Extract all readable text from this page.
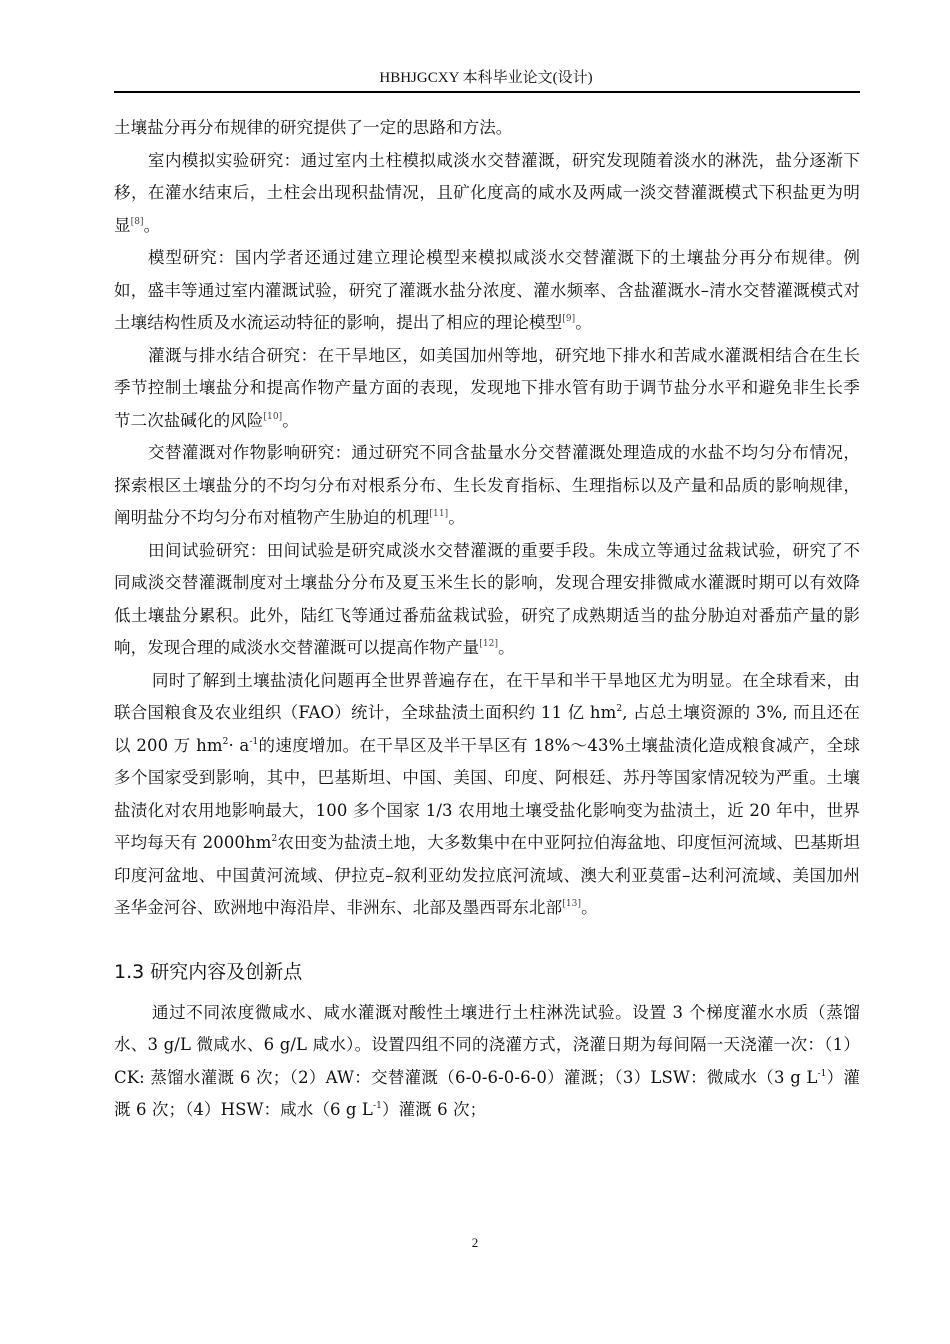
HBHJGCXY 本科毕业论文(设计)

土壤盐分再分布规律的研究提供了一定的思路和方法。

室内模拟实验研究：通过室内土柱模拟咸淡水交替灌溉，研究发现随着淡水的淋洗，盐分逐渐下移，在灌水结束后，土柱会出现积盐情况，且矿化度高的咸水及两咸一淡交替灌溉模式下积盐更为明显[8]。

模型研究：国内学者还通过建立理论模型来模拟咸淡水交替灌溉下的土壤盐分再分布规律。例如，盛丰等通过室内灌溉试验，研究了灌溉水盐分浓度、灌水频率、含盐灌溉水–清水交替灌溉模式对土壤结构性质及水流运动特征的影响，提出了相应的理论模型[9]。

灌溉与排水结合研究：在干旱地区，如美国加州等地，研究地下排水和苦咸水灌溉相结合在生长季节控制土壤盐分和提高作物产量方面的表现，发现地下排水管有助于调节盐分水平和避免非生长季节二次盐碱化的风险[10]。

交替灌溉对作物影响研究：通过研究不同含盐量水分交替灌溉处理造成的水盐不均匀分布情况，探索根区土壤盐分的不均匀分布对根系分布、生长发育指标、生理指标以及产量和品质的影响规律，阐明盐分不均匀分布对植物产生胁迫的机理[11]。

田间试验研究：田间试验是研究咸淡水交替灌溉的重要手段。朱成立等通过盆栽试验，研究了不同咸淡交替灌溉制度对土壤盐分分布及夏玉米生长的影响，发现合理安排微咸水灌溉时期可以有效降低土壤盐分累积。此外，陆红飞等通过番茄盆栽试验，研究了成熟期适当的盐分胁迫对番茄产量的影响，发现合理的咸淡水交替灌溉可以提高作物产量[12]。

同时了解到土壤盐渍化问题再全世界普遍存在，在干旱和半干旱地区尤为明显。在全球看来，由联合国粮食及农业组织（FAO）统计，全球盐渍土面积约 11 亿 $hm^2$, 占总土壤资源的 3%, 而且还在以 200 万 $hm^2\cdot a^{-1}$的速度增加。在干旱区及半干旱区有 18%～43%土壤盐渍化造成粮食减产，全球多个国家受到影响，其中，巴基斯坦、中国、美国、印度、阿根廷、苏丹等国家情况较为严重。土壤盐渍化对农用地影响最大，100 多个国家 1/3 农用地土壤受盐化影响变为盐渍土，近 20 年中，世界平均每天有 $2000hm^2$农田变为盐渍土地，大多数集中在中亚阿拉伯海盆地、印度恒河流域、巴基斯坦印度河盆地、中国黄河流域、伊拉克–叙利亚幼发拉底河流域、澳大利亚莫雷–达利河流域、美国加州圣华金河谷、欧洲地中海沿岸、非洲东、北部及墨西哥东北部[13]。

1.3 研究内容及创新点

通过不同浓度微咸水、咸水灌溉对酸性土壤进行土柱淋洗试验。设置 3 个梯度灌水水质（蒸馏水、3 g/L 微咸水、6 g/L 咸水）。设置四组不同的浇灌方式，浇灌日期为每间隔一天浇灌一次：（1）CK: 蒸馏水灌溉 6 次；（2）AW：交替灌溉（6-0-6-0-6-0）灌溉；（3）LSW：微咸水（3 g $L^{-1}$）灌溉 6 次；（4）HSW：咸水（6 g $L^{-1}$）灌溉 6 次；

2
